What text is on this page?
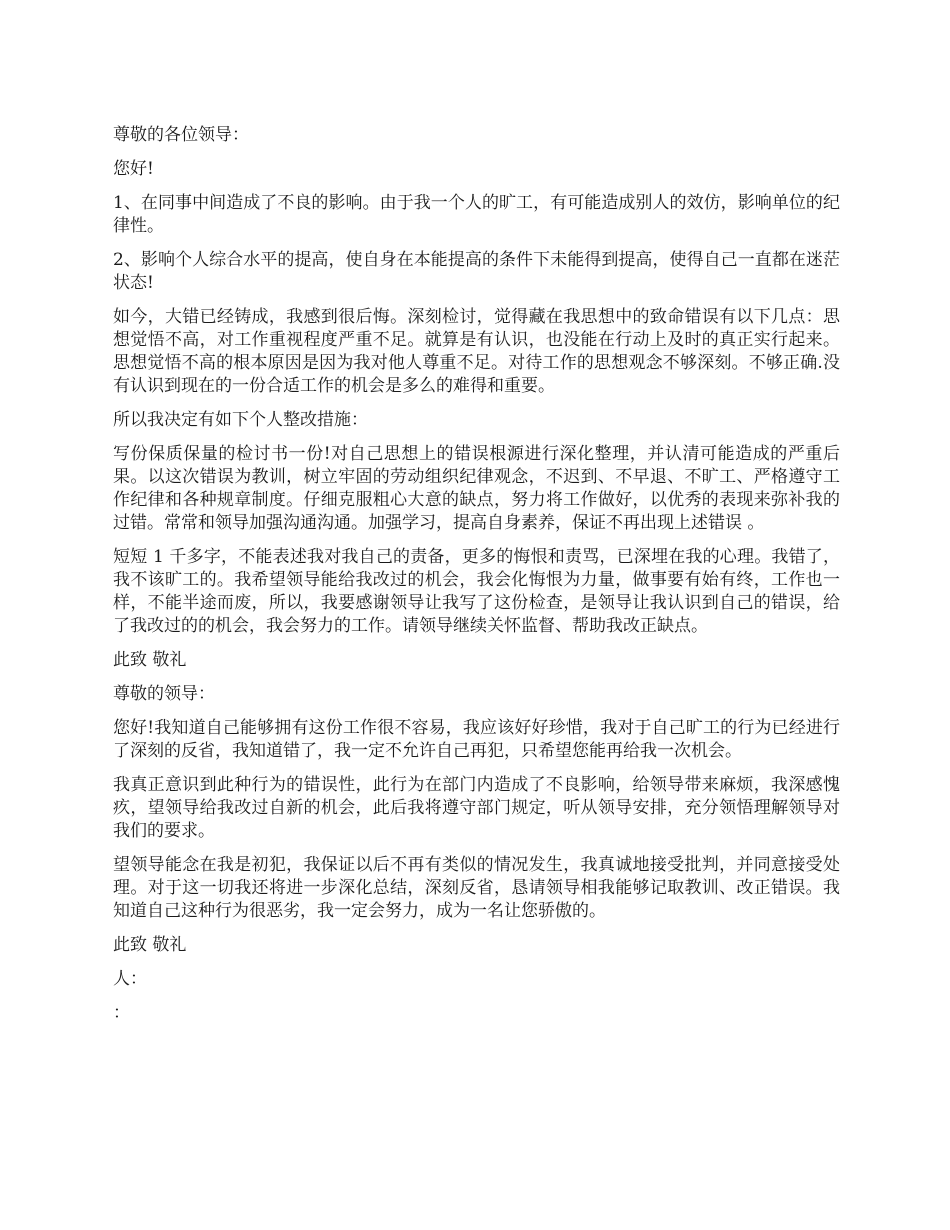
尊敬的各位领导：

您好!

1、在同事中间造成了不良的影响。由于我一个人的旷工，有可能造成别人的效仿，影响单位的纪律性。

2、影响个人综合水平的提高，使自身在本能提高的条件下未能得到提高，使得自己一直都在迷茫状态!

如今，大错已经铸成，我感到很后悔。深刻检讨，觉得藏在我思想中的致命错误有以下几点：思想觉悟不高，对工作重视程度严重不足。就算是有认识，也没能在行动上及时的真正实行起来。 思想觉悟不高的根本原因是因为我对他人尊重不足。对待工作的思想观念不够深刻。不够正确.没有认识到现在的一份合适工作的机会是多么的难得和重要。

所以我决定有如下个人整改措施：

写份保质保量的检讨书一份!对自己思想上的错误根源进行深化整理，并认清可能造成的严重后果。以这次错误为教训，树立牢固的劳动组织纪律观念，不迟到、不早退、不旷工、严格遵守工作纪律和各种规章制度。仔细克服粗心大意的缺点，努力将工作做好，以优秀的表现来弥补我的过错。常常和领导加强沟通沟通。加强学习，提高自身素养，保证不再出现上述错误 。

短短 1 千多字，不能表述我对我自己的责备，更多的悔恨和责骂，已深埋在我的心理。我错了，我不该旷工的。我希望领导能给我改过的机会，我会化悔恨为力量，做事要有始有终，工作也一样，不能半途而废，所以，我要感谢领导让我写了这份检查，是领导让我认识到自己的错误，给了我改过的的机会，我会努力的工作。请领导继续关怀监督、帮助我改正缺点。

此致 敬礼

尊敬的领导：

您好!我知道自己能够拥有这份工作很不容易，我应该好好珍惜，我对于自己旷工的行为已经进行了深刻的反省，我知道错了，我一定不允许自己再犯，只希望您能再给我一次机会。

我真正意识到此种行为的错误性，此行为在部门内造成了不良影响，给领导带来麻烦，我深感愧疚，望领导给我改过自新的机会，此后我将遵守部门规定，听从领导安排，充分领悟理解领导对我们的要求。

望领导能念在我是初犯，我保证以后不再有类似的情况发生，我真诚地接受批判，并同意接受处理。对于这一切我还将进一步深化总结，深刻反省，恳请领导相我能够记取教训、改正错误。我知道自己这种行为很恶劣，我一定会努力，成为一名让您骄傲的。

此致 敬礼

人：

：
